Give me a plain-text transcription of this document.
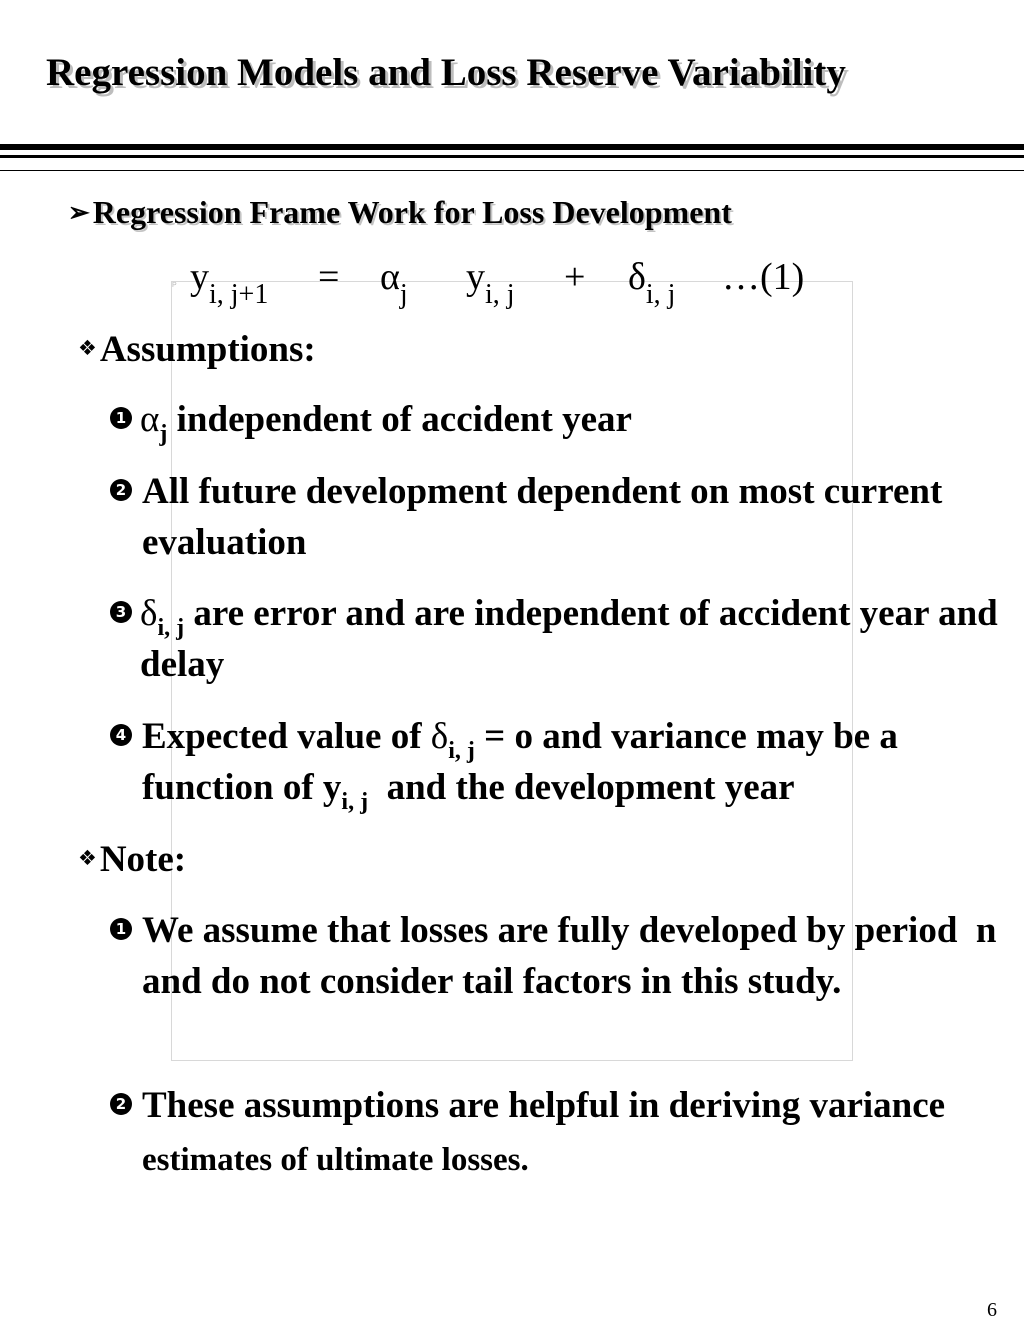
Regression Models and Loss Reserve Variability
P
➢Regression Frame Work for Loss Development
$y_{i, j+1} = \alpha_j$ $y_{i, j} + \delta_{i, j}$ …(1)
❖Assumptions:
1 $\alpha_j$ independent of accident year
2 All future development dependent on most current evaluation
3 $\delta_{i, j}$ are error and are independent of accident year and delay
4 Expected value of $\delta_{i, j} = o$ and variance may be a function of $y_{i, j}$  and the development year
❖Note:
1 We assume that losses are fully developed by period  n and do not consider tail factors in this study.
2 These assumptions are helpful in deriving variance estimates of ultimate losses.
6
